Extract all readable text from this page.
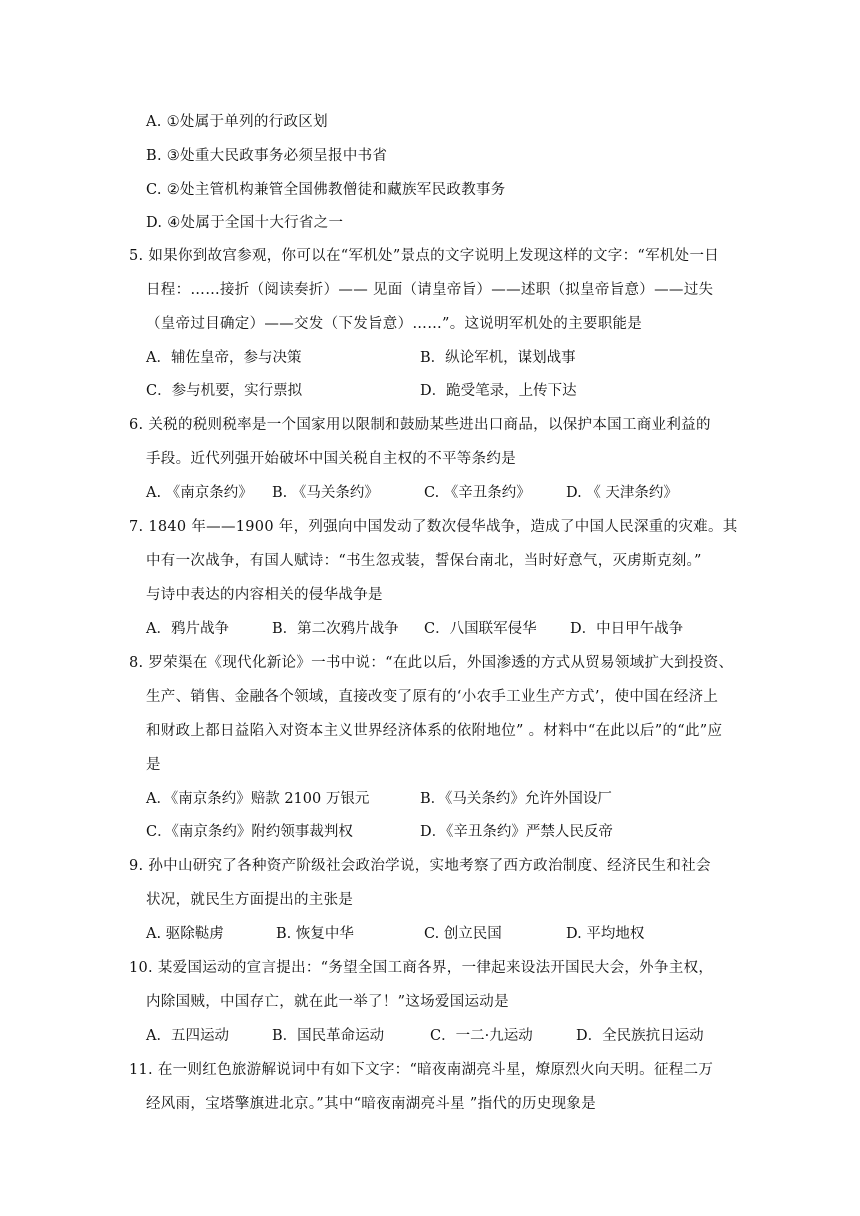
A. ①处属于单列的行政区划
B. ③处重大民政事务必须呈报中书省
C. ②处主管机构兼管全国佛教僧徒和藏族军民政教事务
D. ④处属于全国十大行省之一
5. 如果你到故宫参观，你可以在“军机处”景点的文字说明上发现这样的文字：“军机处一日
日程：……接折（阅读奏折）—— 见面（请皇帝旨）——述职（拟皇帝旨意）——过失
（皇帝过目确定）——交发（下发旨意）……”。这说明军机处的主要职能是
A．辅佐皇帝，参与决策	B．纵论军机，谋划战事
C．参与机要，实行票拟	D．跪受笔录，上传下达
6. 关税的税则税率是一个国家用以限制和鼓励某些进出口商品，以保护本国工商业利益的
手段。近代列强开始破坏中国关税自主权的不平等条约是
A. 《南京条约》 B. 《马关条约》	C. 《辛丑条约》 D. 《 天津条约》
7. 1840 年——1900 年，列强向中国发动了数次侵华战争，造成了中国人民深重的灾难。其
中有一次战争，有国人赋诗：“书生忽戎装，誓保台南北，当时好意气，灭虏斯克刻。”
与诗中表达的内容相关的侵华战争是
A．鸦片战争	B．第二次鸦片战争 C．八国联军侵华 D．中日甲午战争
8. 罗荣渠在《现代化新论》一书中说：“在此以后，外国渗透的方式从贸易领域扩大到投资、
生产、销售、金融各个领域，直接改变了原有的‘小农手工业生产方式’，使中国在经济上
和财政上都日益陷入对资本主义世界经济体系的依附地位” 。材料中“在此以后”的“此”应
是
A．《南京条约》赔款 2100 万银元	B．《马关条约》允许外国设厂
C．《南京条约》附约领事裁判权	D．《辛丑条约》严禁人民反帝
9. 孙中山研究了各种资产阶级社会政治学说，实地考察了西方政治制度、经济民生和社会
状况，就民生方面提出的主张是
A. 驱除鞑虏	B. 恢复中华	C. 创立民国	D. 平均地权
10. 某爱国运动的宣言提出：“务望全国工商各界，一律起来设法开国民大会，外争主权，
内除国贼，中国存亡，就在此一举了！”这场爱国运动是
A．五四运动	B．国民革命运动	C．一二·九运动	D．全民族抗日运动
11. 在一则红色旅游解说词中有如下文字：“暗夜南湖亮斗星，燎原烈火向天明。征程二万
经风雨，宝塔擎旗进北京。”其中“暗夜南湖亮斗星 ”指代的历史现象是
